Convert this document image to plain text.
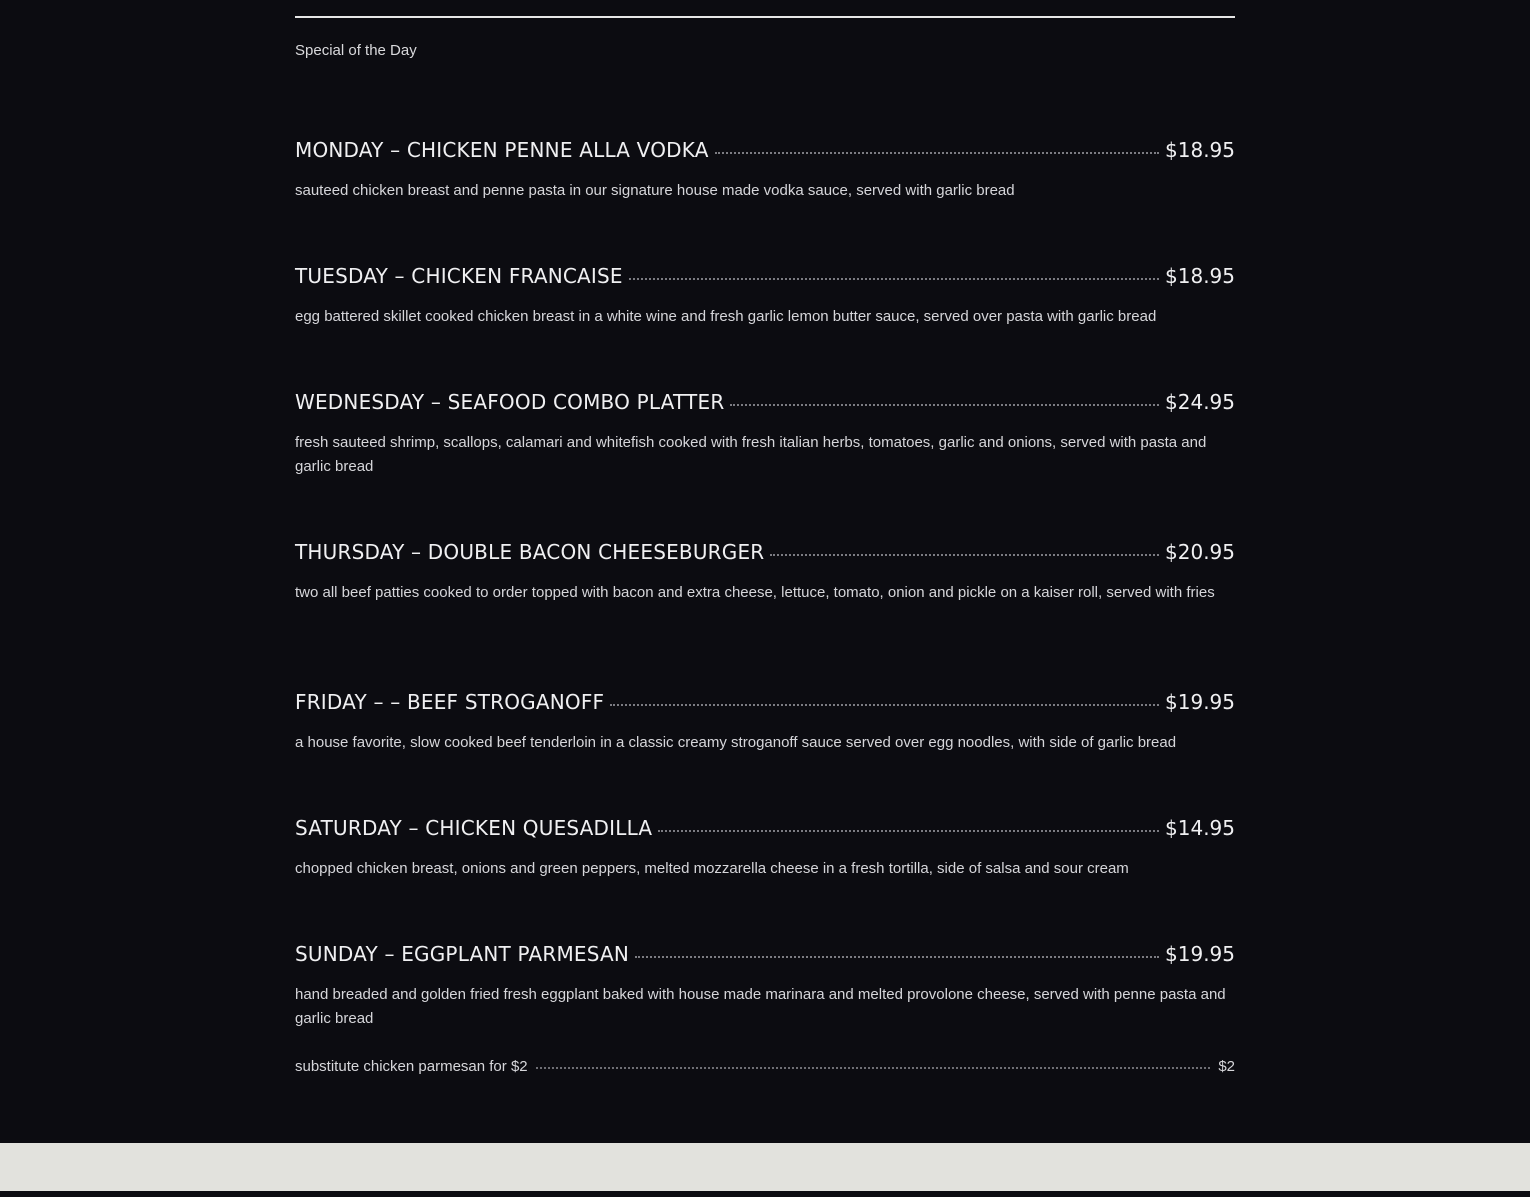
Special of the Day
MONDAY – CHICKEN PENNE ALLA VODKA	$18.95
sauteed chicken breast and penne pasta in our signature house made vodka sauce, served with garlic bread
TUESDAY – CHICKEN FRANCAISE	$18.95
egg battered skillet cooked chicken breast in a white wine and fresh garlic lemon butter sauce, served over pasta with garlic bread
WEDNESDAY – SEAFOOD COMBO PLATTER	$24.95
fresh sauteed shrimp, scallops, calamari and whitefish cooked with fresh italian herbs, tomatoes, garlic and onions, served with pasta and garlic bread
THURSDAY – DOUBLE BACON CHEESEBURGER	$20.95
two all beef patties cooked to order topped with bacon and extra cheese, lettuce, tomato, onion and pickle on a kaiser roll, served with fries
FRIDAY – – BEEF STROGANOFF	$19.95
a house favorite, slow cooked beef tenderloin in a classic creamy stroganoff sauce served over egg noodles, with side of garlic bread
SATURDAY – CHICKEN QUESADILLA	$14.95
chopped chicken breast, onions and green peppers, melted mozzarella cheese in a fresh tortilla, side of salsa and sour cream
SUNDAY – EGGPLANT PARMESAN	$19.95
hand breaded and golden fried fresh eggplant baked with house made marinara and melted provolone cheese, served with penne pasta and garlic bread
substitute chicken parmesan for $2	$2
